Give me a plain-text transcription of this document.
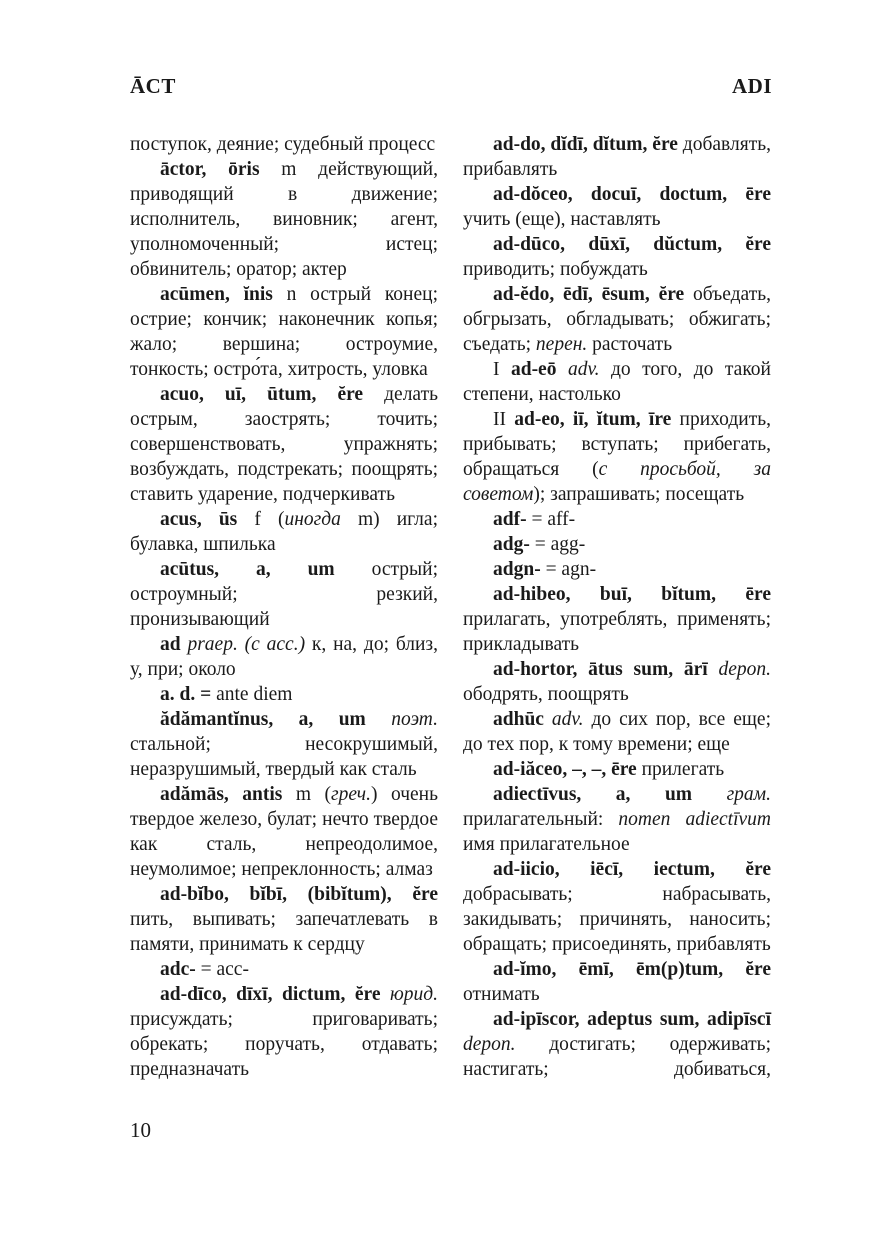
ĀCT	ADI

поступок, деяние; судебный процесс

āctor, ōris m действующий, приводящий в движение; исполнитель, виновник; агент, уполномоченный; истец; обвинитель; оратор; актер

acūmen, ĭnis n острый конец; острие; кончик; наконечник копья; жало; вершина; остроумие, тонкость; остро́та, хитрость, уловка

acuo, uī, ūtum, ĕre делать острым, заострять; точить; совершенствовать, упражнять; возбуждать, подстрекать; поощрять; ставить ударение, подчеркивать

acus, ūs f (иногда m) игла; булавка, шпилька

acūtus, a, um острый; остроумный; резкий, пронизывающий

ad praep. (c acc.) к, на, до; близ, у, при; около

a. d. = ante diem

ădămantĭnus, a, um поэт. стальной; несокрушимый, неразрушимый, твердый как сталь

adămās, antis m (греч.) очень твердое железо, булат; нечто твердое как сталь, непреодолимое, неумолимое; непреклонность; алмаз

ad-bĭbo, bĭbī, (bibĭtum), ĕre пить, выпивать; запечатлевать в памяти, принимать к сердцу

adc- = acc-

ad-dīco, dīxī, dictum, ĕre юрид. присуждать; приговаривать; обрекать; поручать, отдавать; предназначать

ad-do, dĭdī, dĭtum, ĕre добавлять, прибавлять

ad-dŏceo, docuī, doctum, ēre учить (еще), наставлять

ad-dūco, dūxī, dŭctum, ĕre приводить; побуждать

ad-ĕdo, ēdī, ēsum, ĕre объедать, обгрызать, обгладывать; обжигать; съедать; перен. расточать

I ad-eō adv. до того, до такой степени, настолько

II ad-eo, iī, ĭtum, īre приходить, прибывать; вступать; прибегать, обращаться (с просьбой, за советом); запрашивать; посещать

adf- = aff-

adg- = agg-

adgn- = agn-

ad-hibeo, buī, bĭtum, ēre прилагать, употреблять, применять; прикладывать

ad-hortor, ātus sum, ārī depon. ободрять, поощрять

adhūc adv. до сих пор, все еще; до тех пор, к тому времени; еще

ad-iăceo, –, –, ēre прилегать

adiectīvus, a, um грам. прилагательный: nomen adiectīvum имя прилагательное

ad-iicio, iēcī, iectum, ĕre добрасывать; набрасывать, закидывать; причинять, наносить; обращать; присоединять, прибавлять

ad-ĭmo, ēmī, ēm(p)tum, ĕre отнимать

ad-ipīscor, adeptus sum, adipīscī depon. достигать; одерживать; настигать; добиваться,

10
